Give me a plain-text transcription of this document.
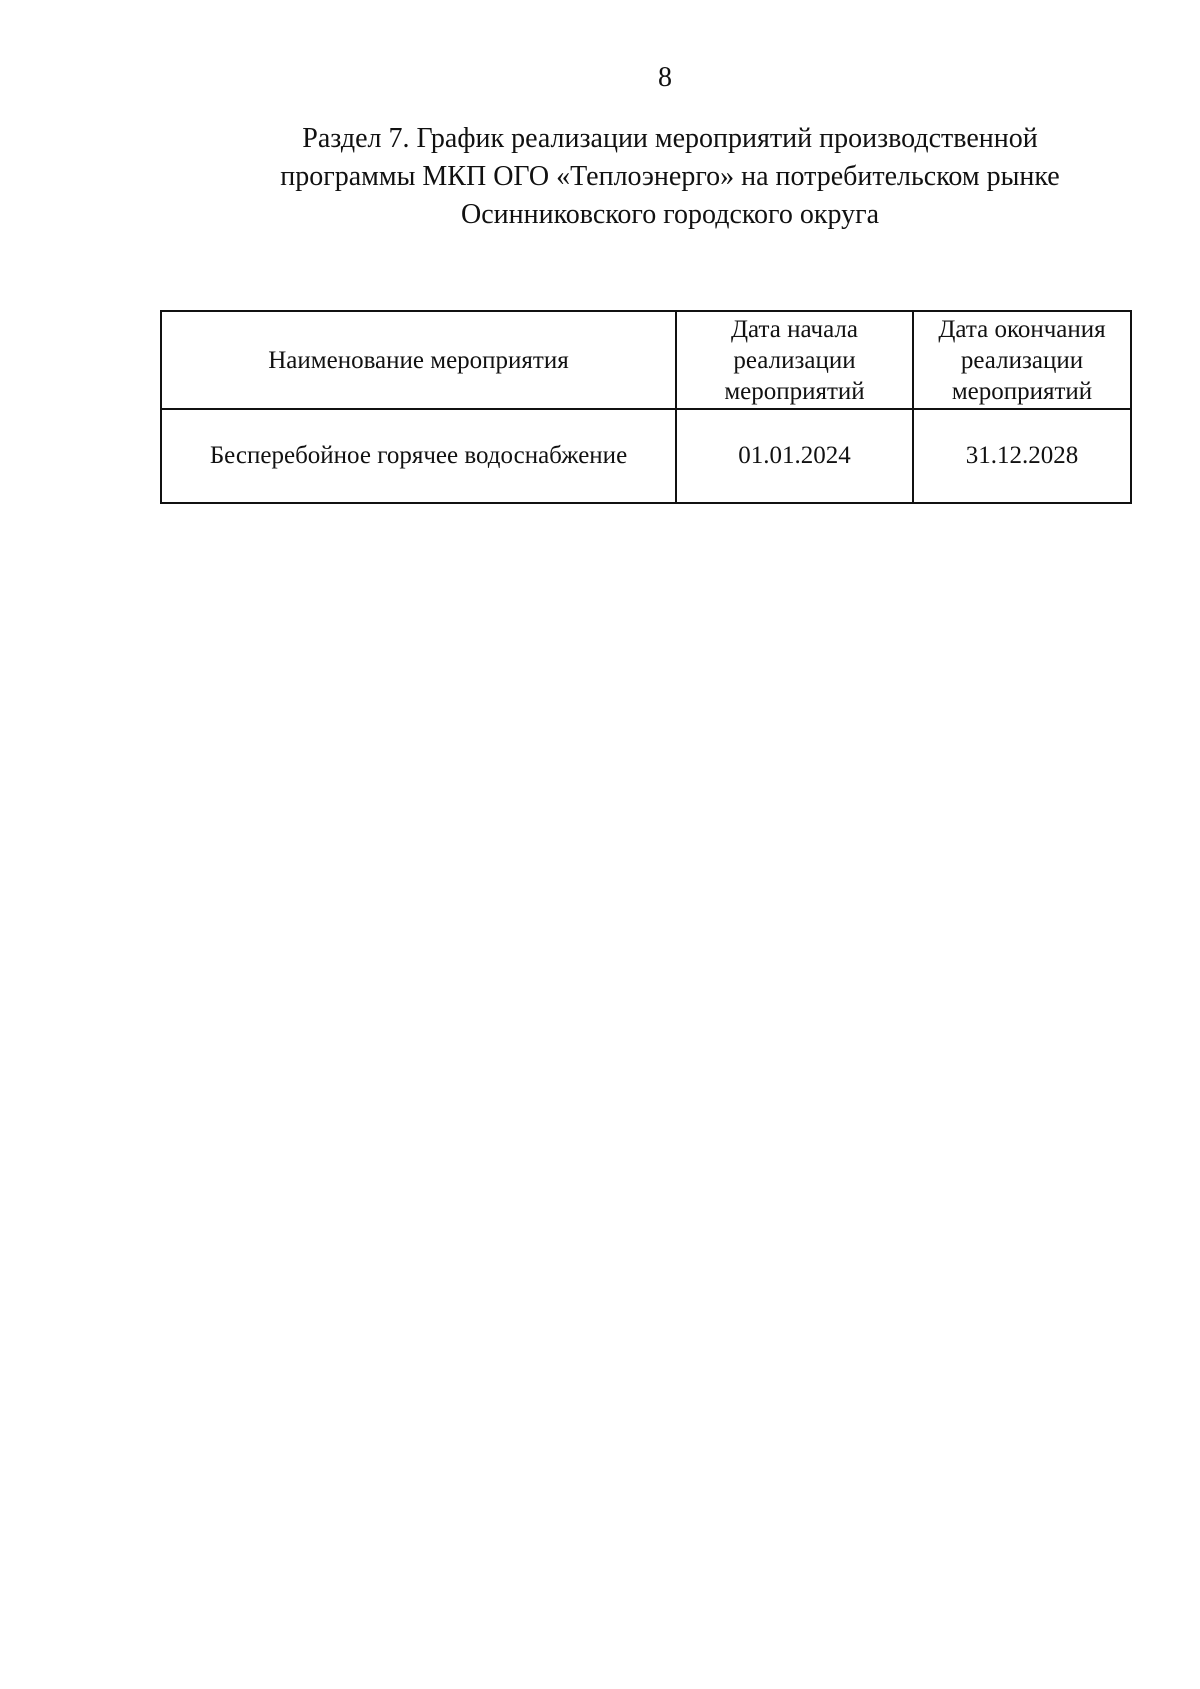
8
Раздел 7. График реализации мероприятий производственной
программы МКП ОГО «Теплоэнерго» на потребительском рынке
Осинниковского городского округа
Наименование мероприятия	Дата начала реализации мероприятий	Дата окончания реализации мероприятий
Бесперебойное горячее водоснабжение	01.01.2024	31.12.2028
